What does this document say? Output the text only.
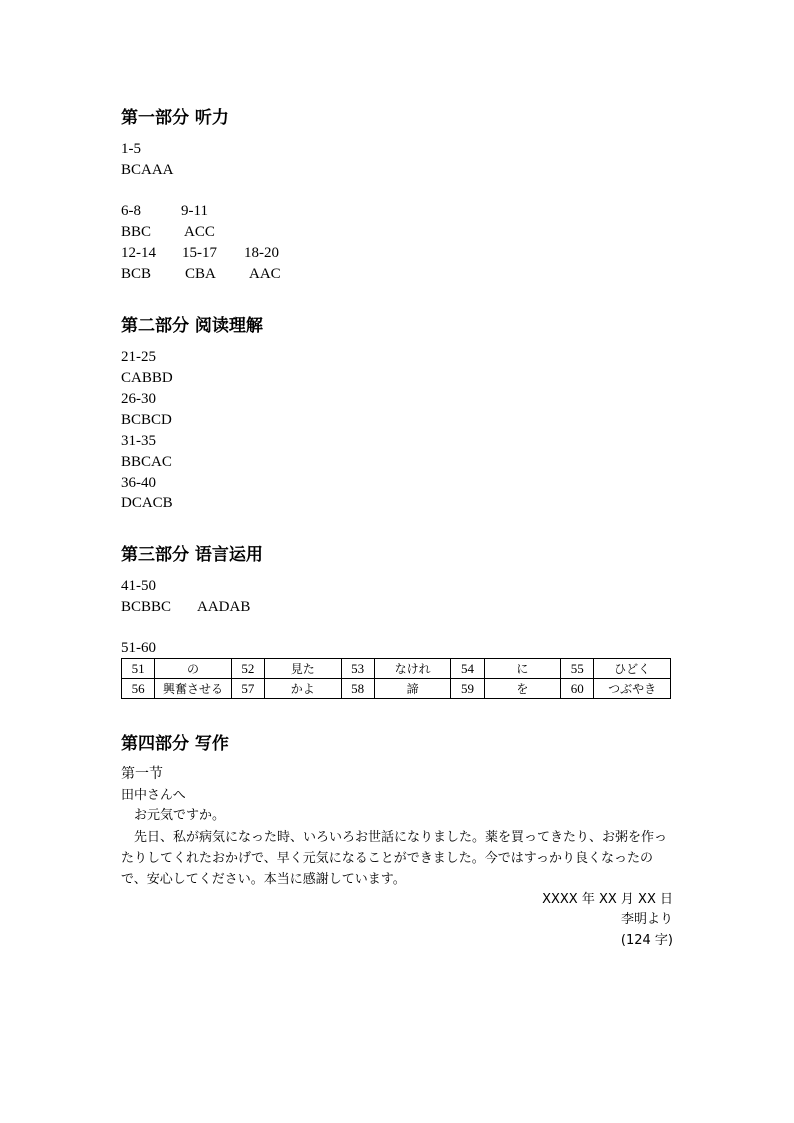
第一部分 听力
1-5
BCAAA
6-8	9-11
BBC ACC
12-14 15-17 18-20
BCB CBA AAC
第二部分 阅读理解
21-25
CABBD
26-30
BCBCD
31-35
BBCAC
36-40
DCACB
第三部分 语言运用
41-50
BCBBC AADAB
51-60
51	の	52	見た	53	なけれ	54	に	55	ひどく
56	興奮させる	57	かよ	58	諦	59	を	60	つぶやき
第四部分 写作
第一节
田中さんへ
お元気ですか。
先日、私が病気になった時、いろいろお世話になりました。薬を買ってきたり、お粥を作ったりしてくれたおかげで、早く元気になることができました。今ではすっかり良くなったので、安心してください。本当に感謝しています。
XXXX 年 XX 月 XX 日
李明より
(124 字)
